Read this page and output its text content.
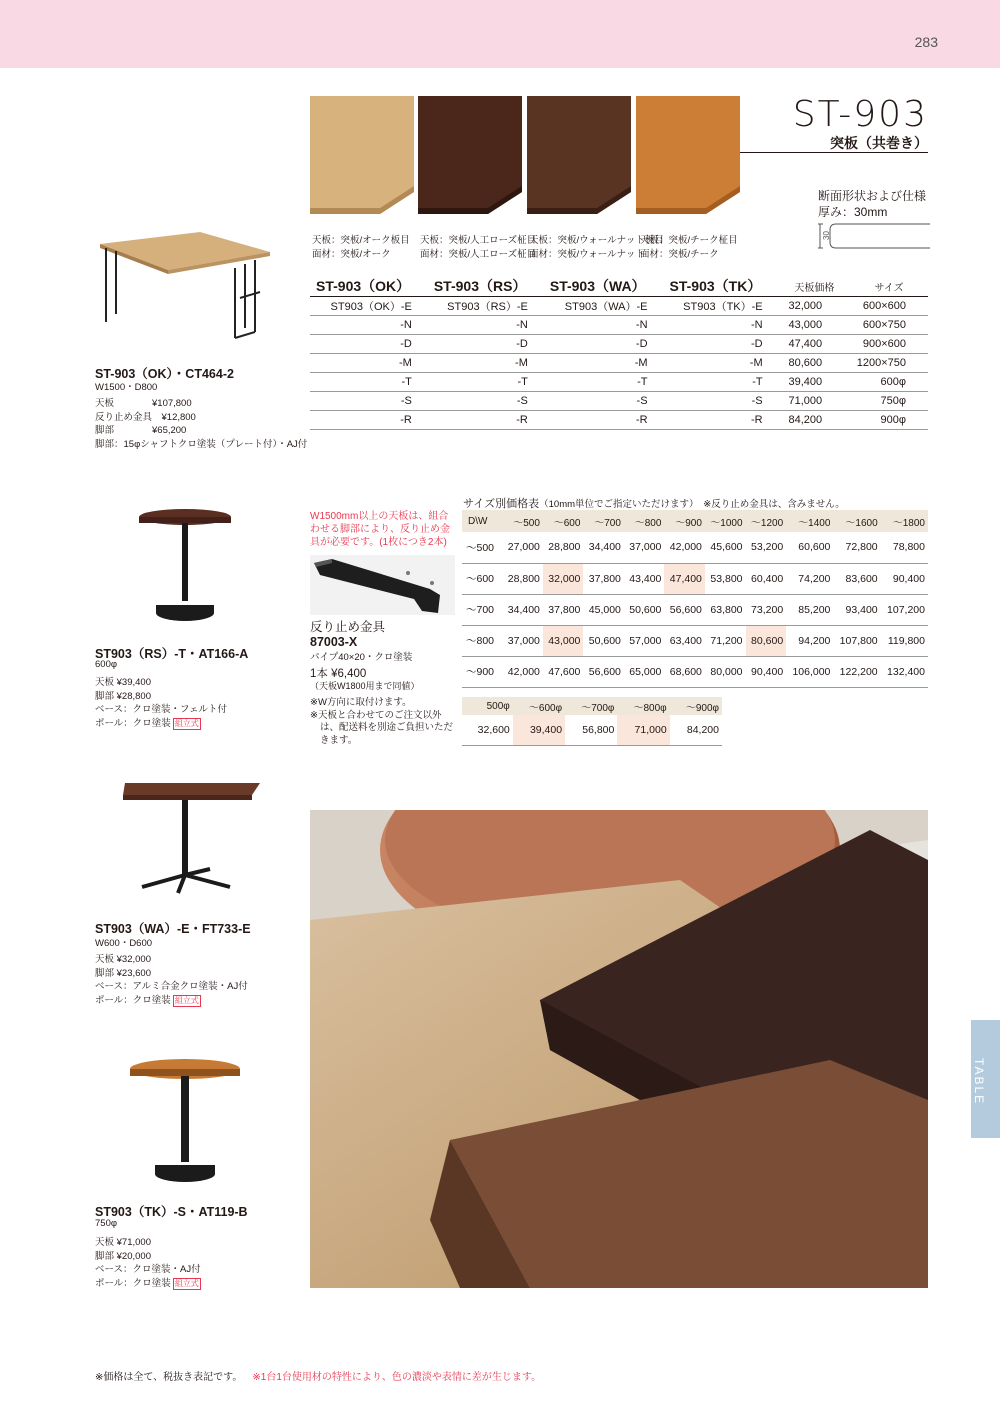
283
TABLE
天板：突板/オーク板目
面材：突板/オーク
天板：突板/人工ローズ柾目
面材：突板/人工ローズ柾目
天板：突板/ウォールナット板目
面材：突板/ウォールナット
天板：突板/チーク柾目
面材：突板/チーク
ST-903
突板（共巻き）
断面形状および仕様
厚み：30mm
30
ST-903（OK）	ST-903（RS）	ST-903（WA）	ST-903（TK）	天板価格	サイズ
ST903（OK）-E	ST903（RS）-E	ST903（WA）-E	ST903（TK）-E	32,000	600×600
-N	-N	-N	-N	43,000	600×750
-D	-D	-D	-D	47,400	900×600
-M	-M	-M	-M	80,600	1200×750
-T	-T	-T	-T	39,400	600φ
-S	-S	-S	-S	71,000	750φ
-R	-R	-R	-R	84,200	900φ
ST-903（OK）・CT464-2
W1500・D800
天板　　　　¥107,800
反り止め金具　¥12,800
脚部　　　　¥65,200
脚部：15φシャフトクロ塗装（プレート付）・AJ付
ST903（RS）-T・AT166-A
600φ
天板 ¥39,400
脚部 ¥28,800
ベース：クロ塗装・フェルト付
ポール：クロ塗装 組立式
ST903（WA）-E・FT733-E
W600・D600
天板 ¥32,000
脚部 ¥23,600
ベース：アルミ合金クロ塗装・AJ付
ポール：クロ塗装 組立式
ST903（TK）-S・AT119-B
750φ
天板 ¥71,000
脚部 ¥20,000
ベース：クロ塗装・AJ付
ポール：クロ塗装 組立式
W1500mm以上の天板は、組合わせる脚部により、反り止め金具が必要です。(1枚につき2本)
反り止め金具
87003-X
パイプ40×20・クロ塗装
1本 ¥6,400
（天板W1800用まで同値）
※W方向に取付けます。
※天板と合わせてのご注文以外は、配送料を別途ご負担いただきます。
サイズ別価格表（10mm単位でご指定いただけます）　※反り止め金具は、含みません。
D\W	～500	～600	～700	～800	～900	～1000	～1200	～1400	～1600	～1800
～500	27,000	28,800	34,400	37,000	42,000	45,600	53,200	60,600	72,800	78,800
～600	28,800	32,000	37,800	43,400	47,400	53,800	60,400	74,200	83,600	90,400
～700	34,400	37,800	45,000	50,600	56,600	63,800	73,200	85,200	93,400	107,200
～800	37,000	43,000	50,600	57,000	63,400	71,200	80,600	94,200	107,800	119,800
～900	42,000	47,600	56,600	65,000	68,600	80,000	90,400	106,000	122,200	132,400
500φ	～600φ	～700φ	～800φ	～900φ
32,600	39,400	56,800	71,000	84,200
※価格は全て、税抜き表記です。 ※1台1台使用材の特性により、色の濃淡や表情に差が生じます。
